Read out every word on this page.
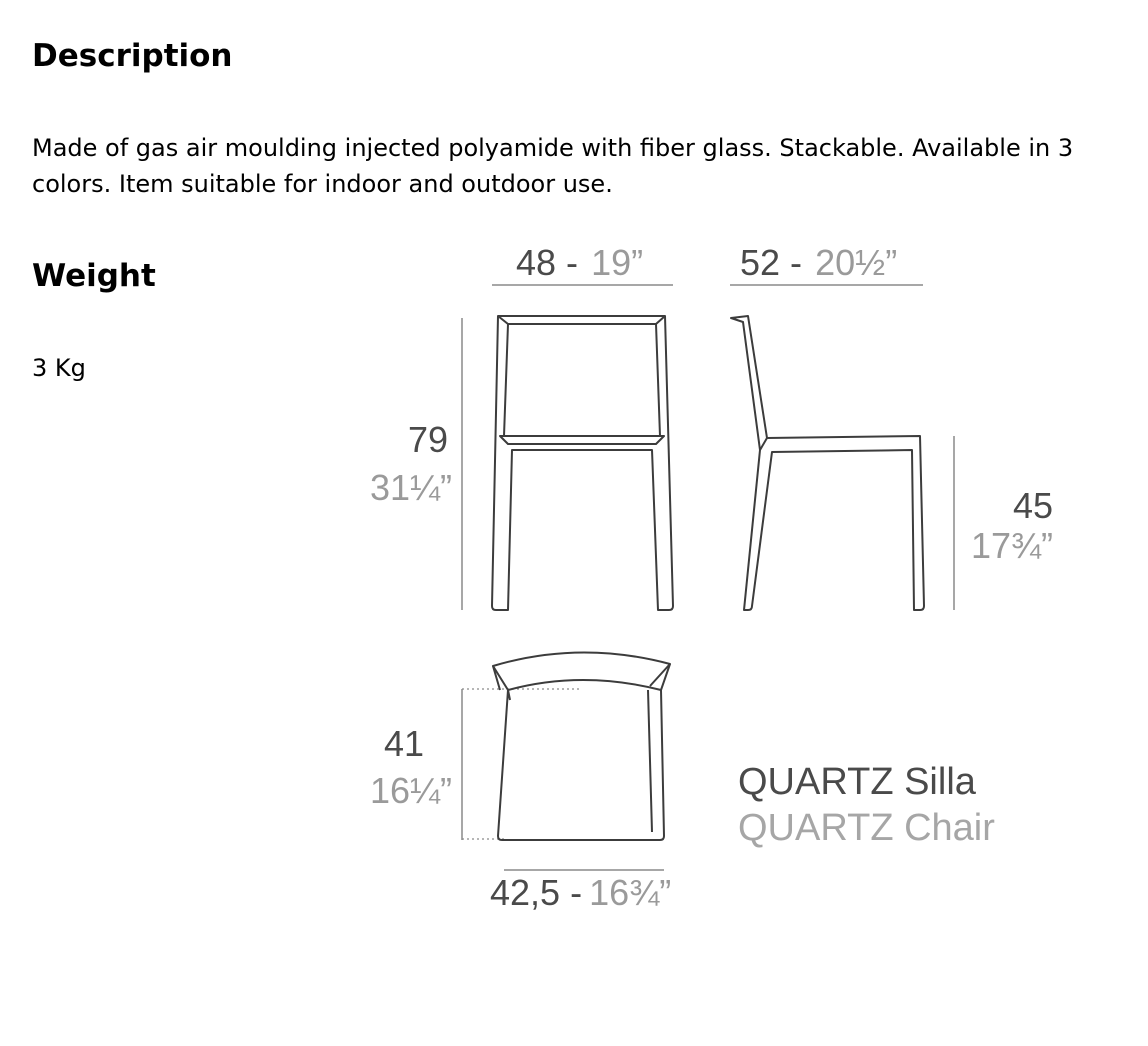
Description

Made of gas air moulding injected polyamide with fiber glass. Stackable. Available in 3 colors. Item suitable for indoor and outdoor use.

Weight

3 Kg

48 - 19”
79
31¼”
52 - 20½”
45
17¾”
41
16¼”
42,5 - 16¾”
QUARTZ Silla
QUARTZ Chair
